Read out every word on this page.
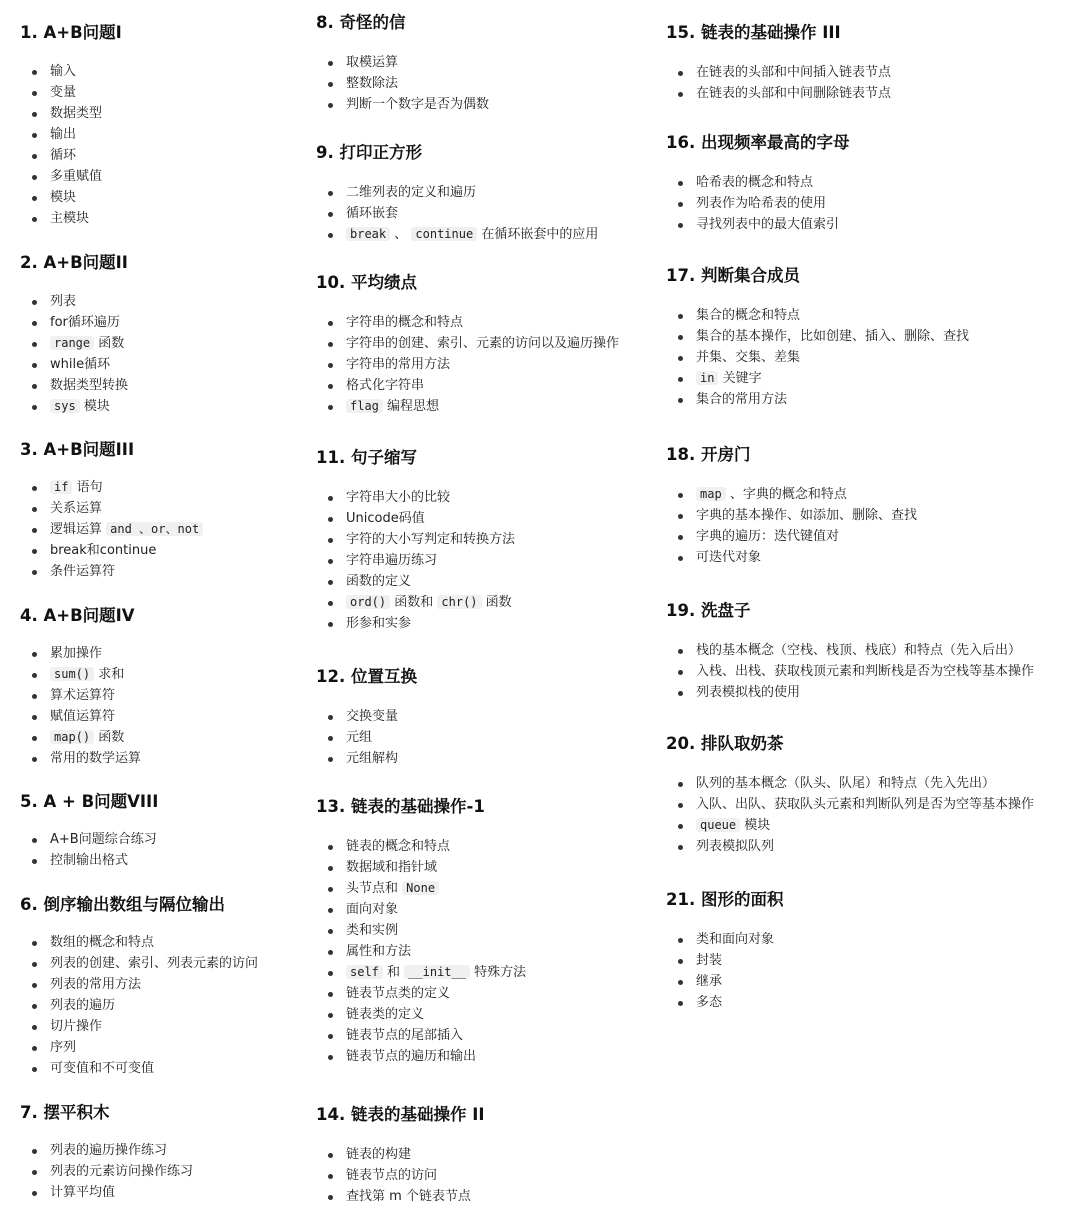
1. A+B问题I
输入
变量
数据类型
输出
循环
多重赋值
模块
主模块
2. A+B问题II
列表
for循环遍历
range 函数
while循环
数据类型转换
sys 模块
3. A+B问题III
if 语句
关系运算
逻辑运算 and 、or、not
break和continue
条件运算符
4. A+B问题IV
累加操作
sum() 求和
算术运算符
赋值运算符
map() 函数
常用的数学运算
5. A + B问题VIII
A+B问题综合练习
控制输出格式
6. 倒序输出数组与隔位输出
数组的概念和特点
列表的创建、索引、列表元素的访问
列表的常用方法
列表的遍历
切片操作
序列
可变值和不可变值
7. 摆平积木
列表的遍历操作练习
列表的元素访问操作练习
计算平均值
8. 奇怪的信
取模运算
整数除法
判断一个数字是否为偶数
9. 打印正方形
二维列表的定义和遍历
循环嵌套
break 、 continue 在循环嵌套中的应用
10. 平均绩点
字符串的概念和特点
字符串的创建、索引、元素的访问以及遍历操作
字符串的常用方法
格式化字符串
flag 编程思想
11. 句子缩写
字符串大小的比较
Unicode码值
字符的大小写判定和转换方法
字符串遍历练习
函数的定义
ord() 函数和 chr() 函数
形参和实参
12. 位置互换
交换变量
元组
元组解构
13. 链表的基础操作-1
链表的概念和特点
数据域和指针域
头节点和 None
面向对象
类和实例
属性和方法
self 和 __init__ 特殊方法
链表节点类的定义
链表类的定义
链表节点的尾部插入
链表节点的遍历和输出
14. 链表的基础操作 II
链表的构建
链表节点的访问
查找第 m 个链表节点
15. 链表的基础操作 III
在链表的头部和中间插入链表节点
在链表的头部和中间删除链表节点
16. 出现频率最高的字母
哈希表的概念和特点
列表作为哈希表的使用
寻找列表中的最大值索引
17. 判断集合成员
集合的概念和特点
集合的基本操作，比如创建、插入、删除、查找
并集、交集、差集
in 关键字
集合的常用方法
18. 开房门
map 、字典的概念和特点
字典的基本操作、如添加、删除、查找
字典的遍历：迭代键值对
可迭代对象
19. 洗盘子
栈的基本概念（空栈、栈顶、栈底）和特点（先入后出）
入栈、出栈、获取栈顶元素和判断栈是否为空栈等基本操作
列表模拟栈的使用
20. 排队取奶茶
队列的基本概念（队头、队尾）和特点（先入先出）
入队、出队、获取队头元素和判断队列是否为空等基本操作
queue 模块
列表模拟队列
21. 图形的面积
类和面向对象
封装
继承
多态
